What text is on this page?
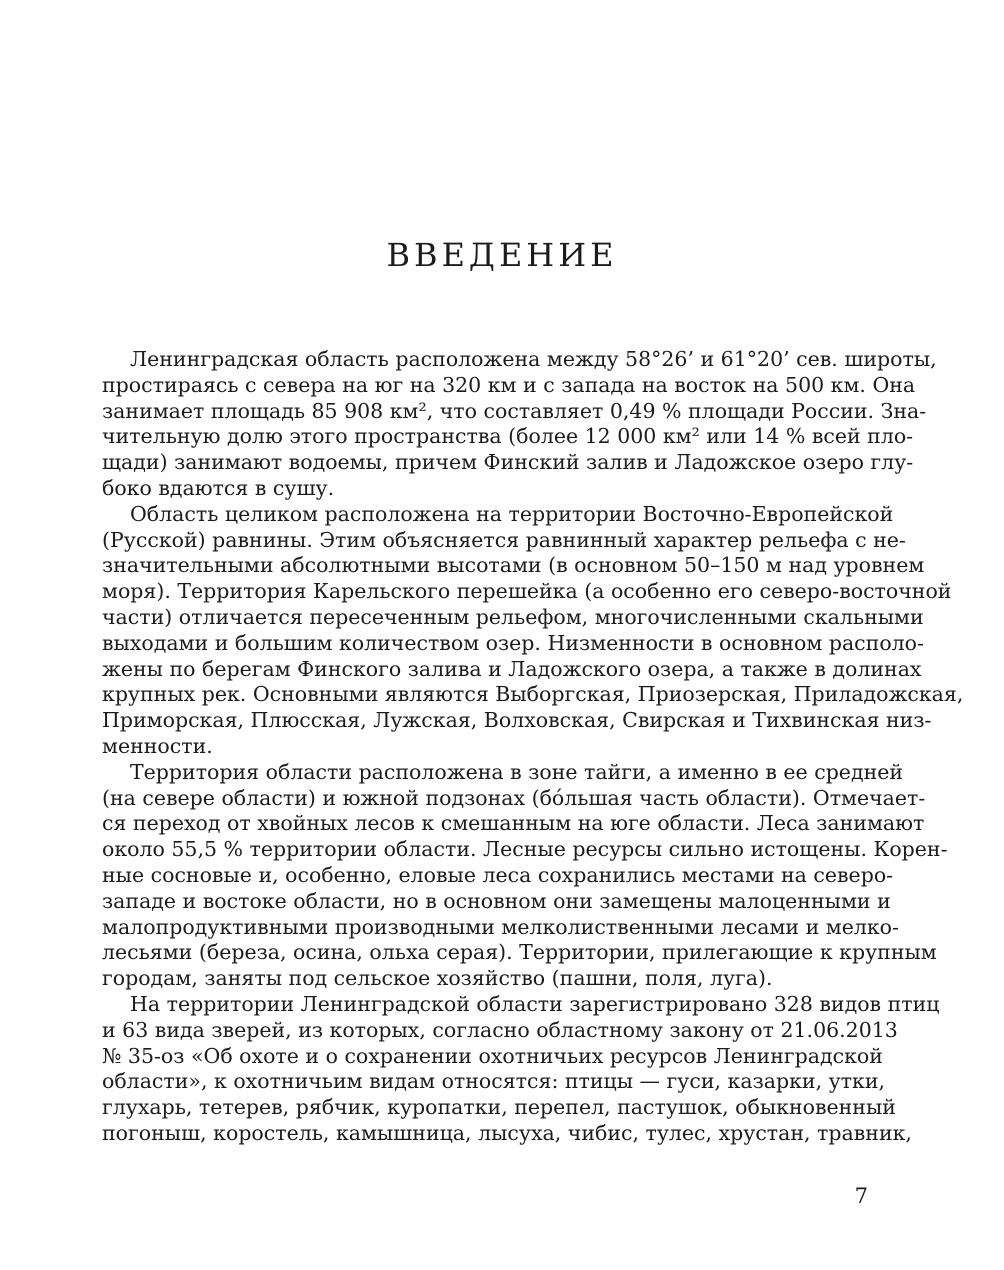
ВВЕДЕНИЕ
Ленинградская область расположена между 58°26’ и 61°20’ сев. широты,
простираясь с севера на юг на 320 км и с запада на восток на 500 км. Она
занимает площадь 85 908 км², что составляет 0,49 % площади России. Зна-
чительную долю этого пространства (более 12 000 км² или 14 % всей пло-
щади) занимают водоемы, причем Финский залив и Ладожское озеро глу-
боко вдаются в сушу.
Область целиком расположена на территории Восточно-Европейской
(Русской) равнины. Этим объясняется равнинный характер рельефа с не-
значительными абсолютными высотами (в основном 50–150 м над уровнем
моря). Территория Карельского перешейка (а особенно его северо-восточной
части) отличается пересеченным рельефом, многочисленными скальными
выходами и большим количеством озер. Низменности в основном располо-
жены по берегам Финского залива и Ладожского озера, а также в долинах
крупных рек. Основными являются Выборгская, Приозерская, Приладожская,
Приморская, Плюсская, Лужская, Волховская, Свирская и Тихвинская низ-
менности.
Территория области расположена в зоне тайги, а именно в ее средней
(на севере области) и южной подзонах (бóльшая часть области). Отмечает-
ся переход от хвойных лесов к смешанным на юге области. Леса занимают
около 55,5 % территории области. Лесные ресурсы сильно истощены. Корен-
ные сосновые и, особенно, еловые леса сохранились местами на северо-
западе и востоке области, но в основном они замещены малоценными и
малопродуктивными производными мелколиственными лесами и мелко-
лесьями (береза, осина, ольха серая). Территории, прилегающие к крупным
городам, заняты под сельское хозяйство (пашни, поля, луга).
На территории Ленинградской области зарегистрировано 328 видов птиц
и 63 вида зверей, из которых, согласно областному закону от 21.06.2013
№ 35-оз «Об охоте и о сохранении охотничьих ресурсов Ленинградской
области», к охотничьим видам относятся: птицы — гуси, казарки, утки,
глухарь, тетерев, рябчик, куропатки, перепел, пастушок, обыкновенный
погоныш, коростель, камышница, лысуха, чибис, тулес, хрустан, травник,
7
